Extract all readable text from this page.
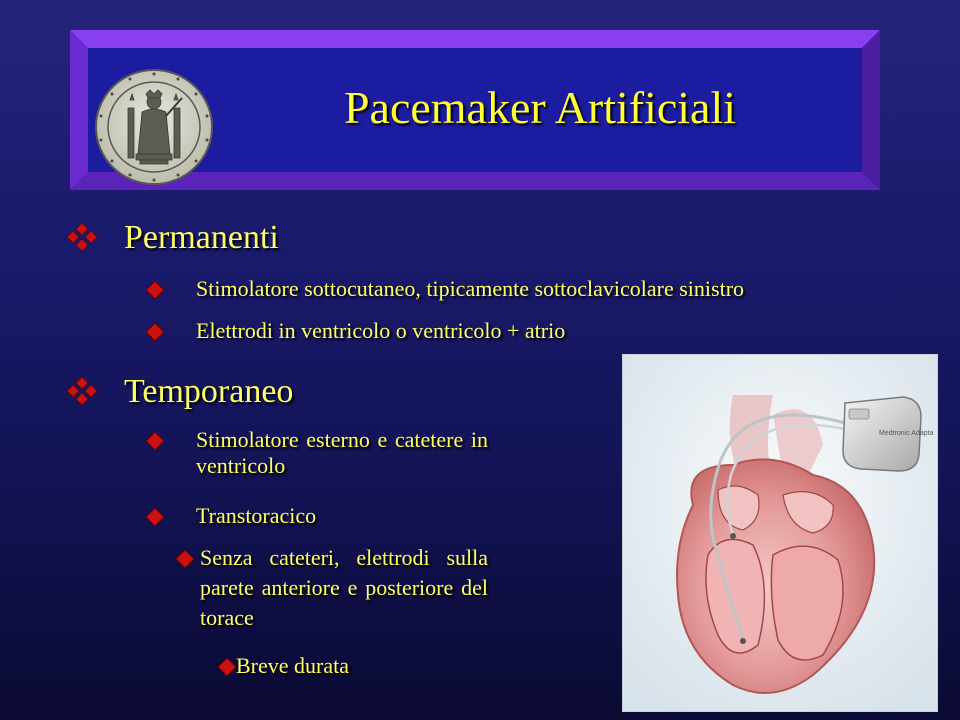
Pacemaker Artificiali
Permanenti
Stimolatore sottocutaneo, tipicamente sottoclavicolare sinistro
Elettrodi in ventricolo o ventricolo + atrio
Temporaneo
Stimolatore esterno e catetere in ventricolo
Transtoracico
Senza cateteri, elettrodi sulla parete anteriore e posteriore del torace
Breve durata
Medtronic Adapta
